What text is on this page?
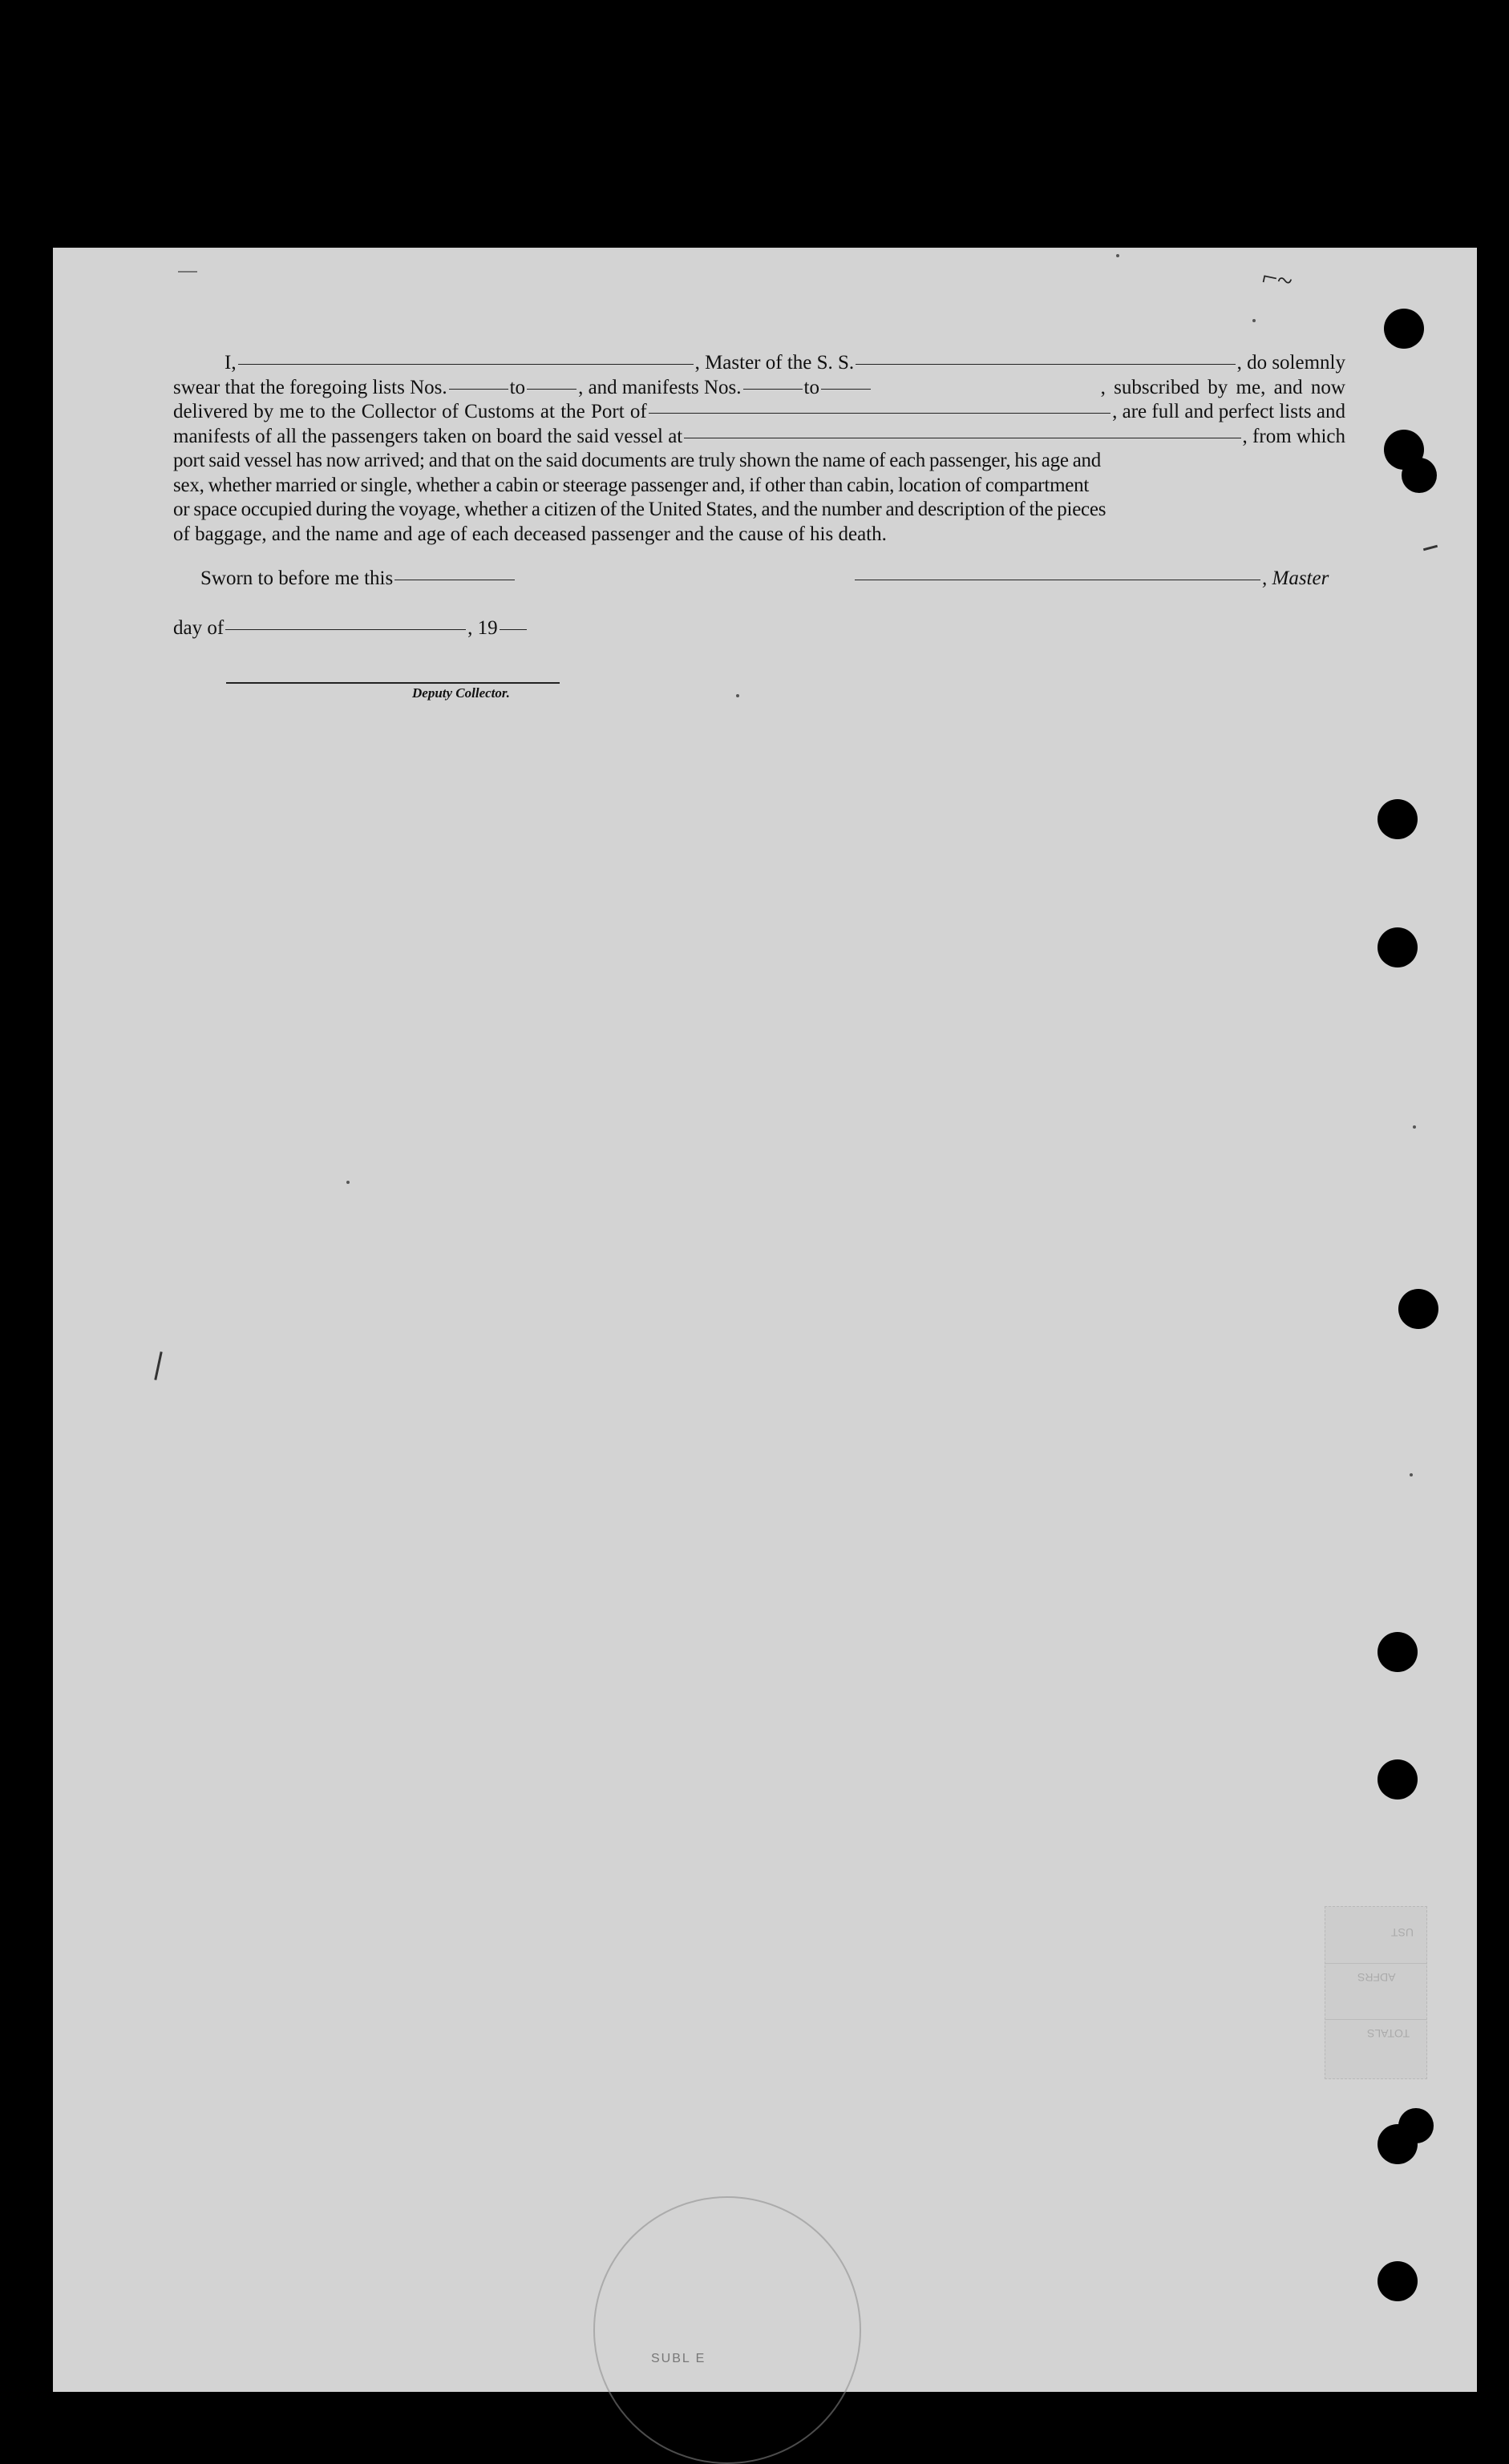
⌐~
I,	, Master of the S. S.	, do solemnly
swear that the foregoing lists Nos.	to	, and manifests Nos.	to	, subscribed by me, and now
delivered by me to the Collector of Customs at the Port of	, are full and perfect lists and
manifests of all the passengers taken on board the said vessel at	, from which
port said vessel has now arrived; and that on the said documents are truly shown the name of each passenger, his age and
sex, whether married or single, whether a cabin or steerage passenger and, if other than cabin, location of compartment
or space occupied during the voyage, whether a citizen of the United States, and the number and description of the pieces
of baggage, and the name and age of each deceased passenger and the cause of his death.
Sworn to before me this	, Master
day of	, 19
Deputy Collector.
UST
ADFRS
TOTALS
SUBL E
